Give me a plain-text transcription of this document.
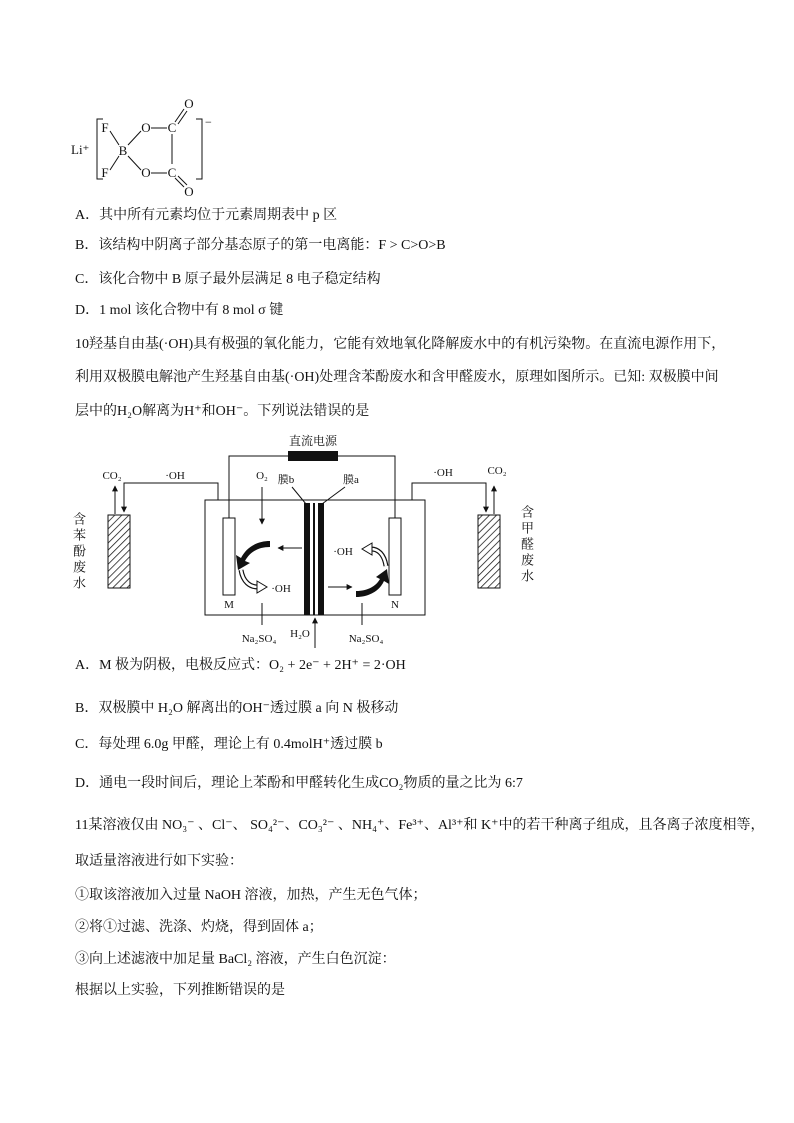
Li⁺
F
F
B
O C
O
O C
O
−
A．其中所有元素均位于元素周期表中 p 区
B．该结构中阴离子部分基态原子的第一电离能：F > C>O>B
C．该化合物中 B 原子最外层满足 8 电子稳定结构
D．1 mol 该化合物中有 8 mol σ 键
10羟基自由基(·OH)具有极强的氧化能力，它能有效地氧化降解废水中的有机污染物。在直流电源作用下，
利用双极膜电解池产生羟基自由基(·OH)处理含苯酚废水和含甲醛废水，原理如图所示。已知: 双极膜中间
层中的H₂O解离为H⁺和OH⁻。下列说法错误的是
直流电源
M	N
膜b	膜a
O₂
·OH
·OH
Na₂SO₄	Na₂SO₄
H₂O
·OH
CO₂	·OH	CO₂
含苯酚废水	含甲醛废水
A．M 极为阴极，电极反应式：O₂ + 2e⁻ + 2H⁺ = 2·OH
B．双极膜中 H₂O 解离出的OH⁻透过膜 a 向 N 极移动
C．每处理 6.0g 甲醛，理论上有 0.4molH⁺透过膜 b
D．通电一段时间后，理论上苯酚和甲醛转化生成CO₂物质的量之比为 6:7
11某溶液仅由 NO₃⁻ 、Cl⁻、 SO₄²⁻、CO₃²⁻ 、NH₄⁺、Fe³⁺、Al³⁺和 K⁺中的若干种离子组成，且各离子浓度相等，
取适量溶液进行如下实验：
①取该溶液加入过量 NaOH 溶液，加热，产生无色气体；
②将①过滤、洗涤、灼烧，得到固体 a；
③向上述滤液中加足量 BaCl₂ 溶液，产生白色沉淀：
根据以上实验，下列推断错误的是
